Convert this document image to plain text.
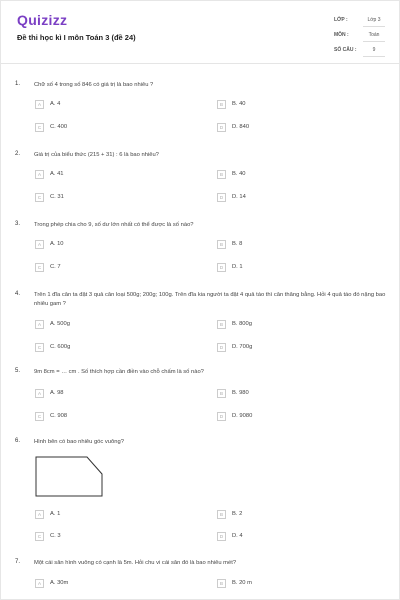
Quizizz
Đề thi học kì I môn Toán 3 (đề 24)
LỚP :	Lớp 3
MÔN :	Toán
SỐ CÂU :	9
1. Chữ số 4 trong số 846 có giá trị là bao nhiêu ?
A	A. 4	B	B. 40
C	C. 400	D	D. 840
2. Giá trị của biểu thức (215 + 31) : 6 là bao nhiêu?
A	A. 41	B	B. 40
C	C. 31	D	D. 14
3. Trong phép chia cho 9, số dư lớn nhất có thể được là số nào?
A	A. 10	B	B. 8
C	C. 7	D	D. 1
4. Trên 1 đĩa cân ta đặt 3 quả cân loại 500g; 200g; 100g. Trên đĩa kia người ta đặt 4 quả táo thì cân thăng bằng. Hỏi 4 quả táo đó nặng bao nhiêu gam ?
A	A. 500g	B	B. 800g
C	C. 600g	D	D. 700g
5. 9m 8cm = … cm . Số thích hợp cần điền vào chỗ chấm là số nào?
A	A. 98	B	B. 980
C	C. 908	D	D. 9080
6. Hình bên có bao nhiêu góc vuông?
A	A. 1	B	B. 2
C	C. 3	D	D. 4
7. Một cái sân hình vuông có cạnh là 5m. Hỏi chu vi cái sân đó là bao nhiêu mét?
A	A. 30m	B	B. 20 m
